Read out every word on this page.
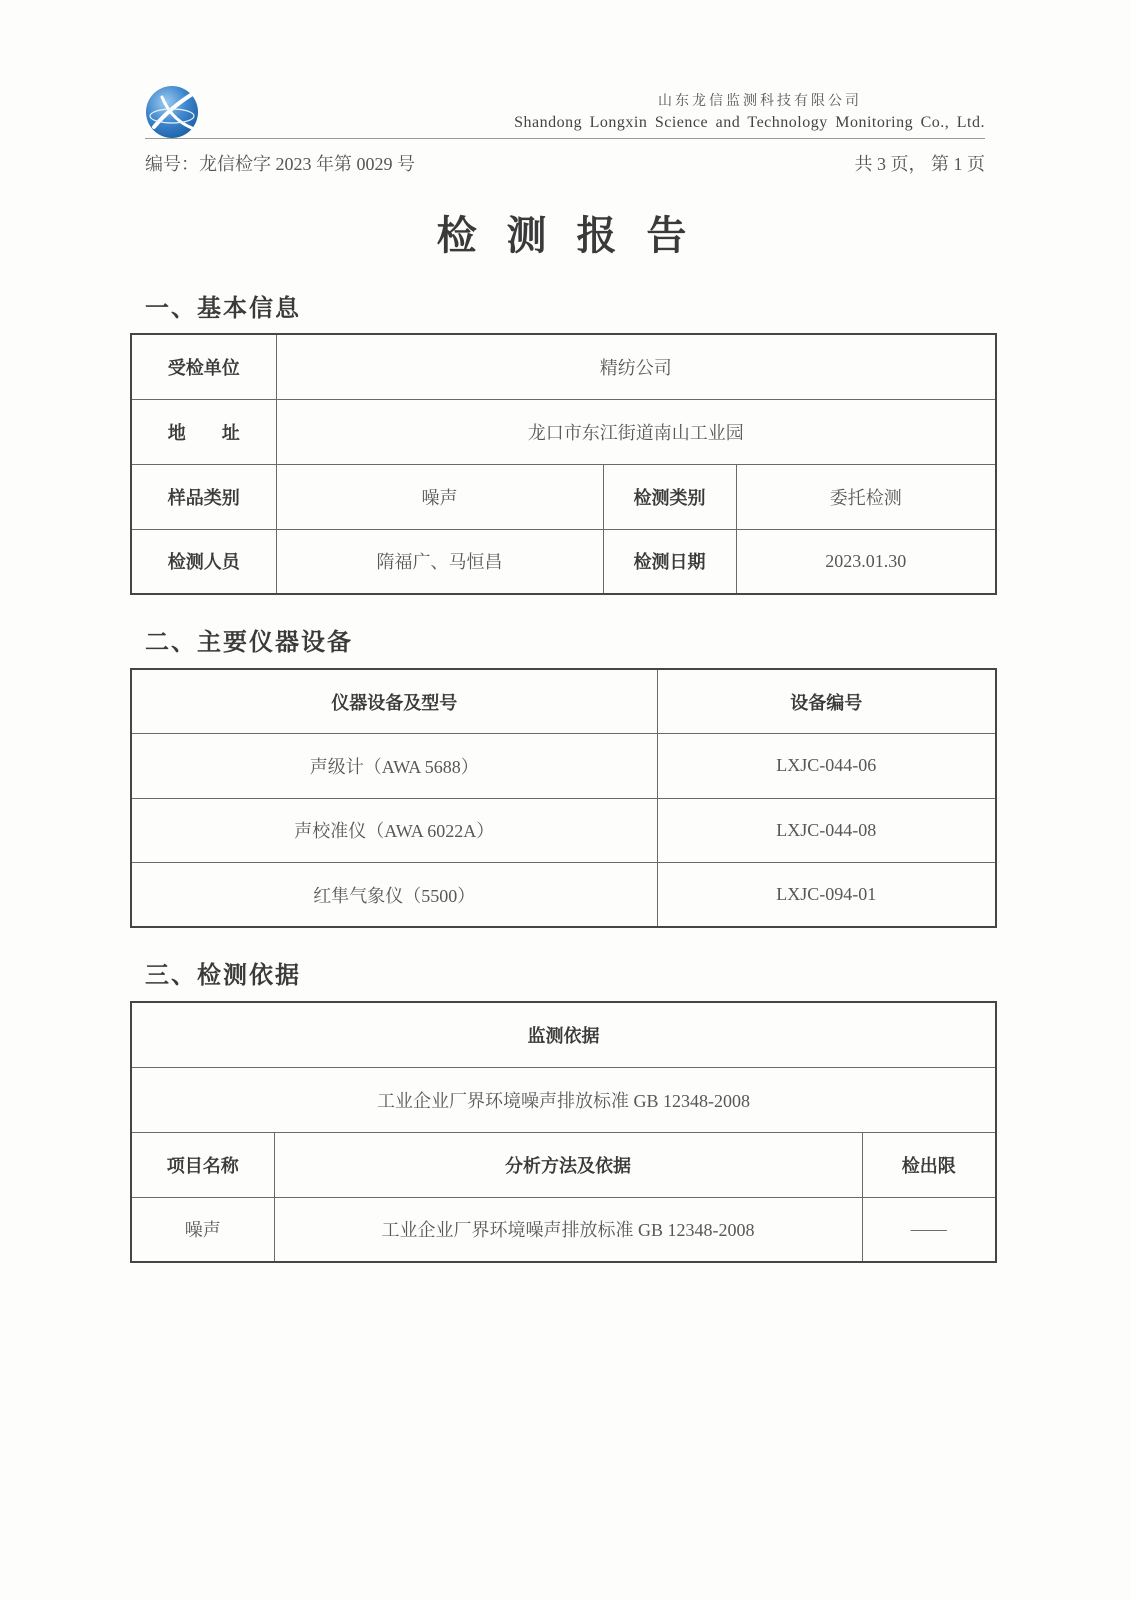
山东龙信监测科技有限公司
Shandong Longxin Science and Technology Monitoring Co., Ltd.
编号：龙信检字 2023 年第 0029 号	共 3 页， 第 1 页
检 测 报 告
一、基本信息
受检单位	精纺公司		
地　　址	龙口市东江街道南山工业园		
样品类别	噪声	检测类别	委托检测
检测人员	隋福广、马恒昌	检测日期	2023.01.30
二、主要仪器设备
仪器设备及型号	设备编号
声级计（AWA 5688）	LXJC-044-06
声校准仪（AWA 6022A）	LXJC-044-08
红隼气象仪（5500）	LXJC-094-01
三、检测依据
监测依据		
工业企业厂界环境噪声排放标准 GB 12348-2008		
项目名称	分析方法及依据	检出限
噪声	工业企业厂界环境噪声排放标准 GB 12348-2008	——
